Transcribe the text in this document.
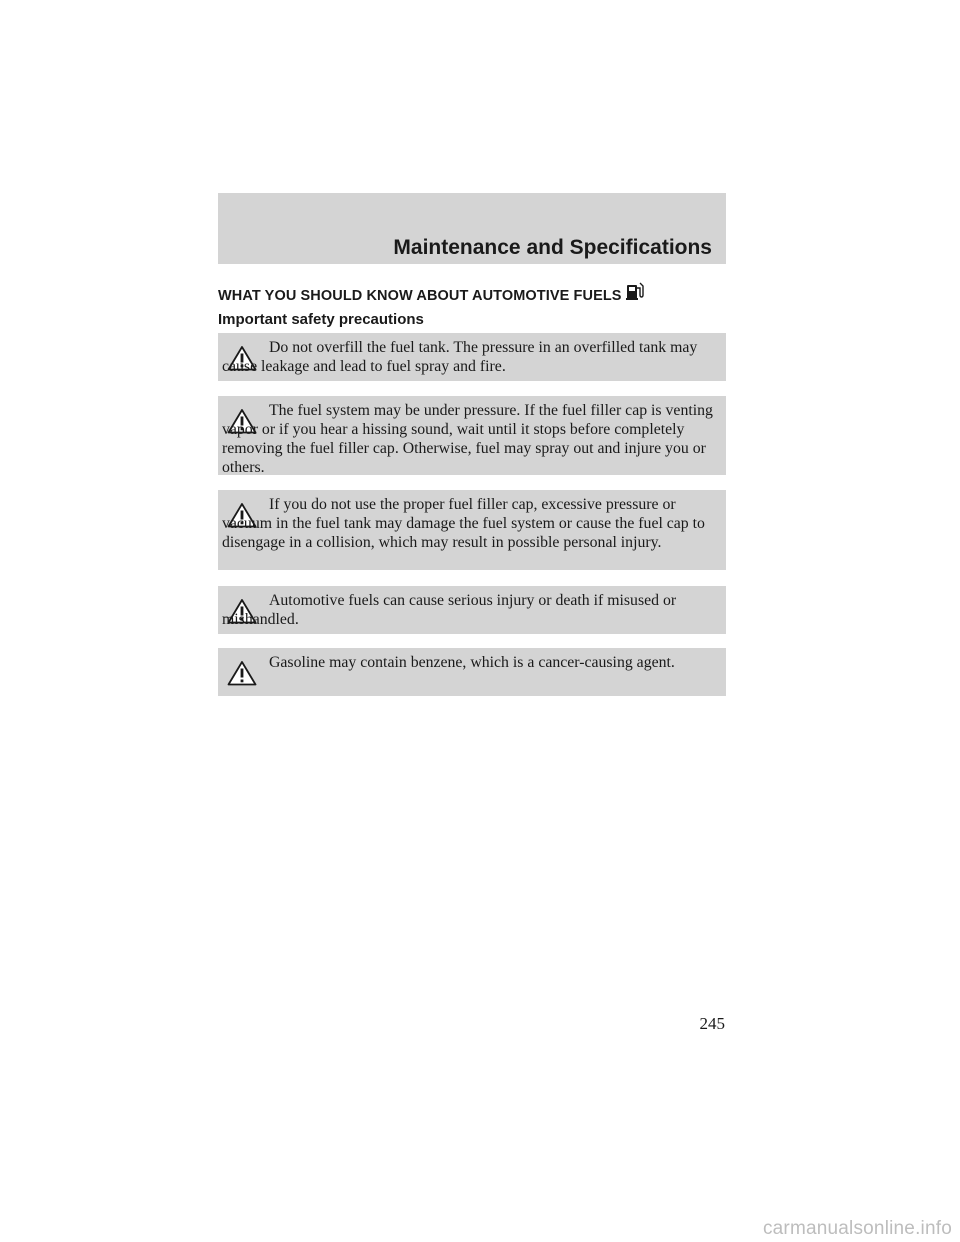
Maintenance and Specifications
WHAT YOU SHOULD KNOW ABOUT AUTOMOTIVE FUELS
Important safety precautions

Do not overfill the fuel tank. The pressure in an overfilled tank may cause leakage and lead to fuel spray and fire.

The fuel system may be under pressure. If the fuel filler cap is venting vapor or if you hear a hissing sound, wait until it stops before completely removing the fuel filler cap. Otherwise, fuel may spray out and injure you or others.

If you do not use the proper fuel filler cap, excessive pressure or vacuum in the fuel tank may damage the fuel system or cause the fuel cap to disengage in a collision, which may result in possible personal injury.

Automotive fuels can cause serious injury or death if misused or mishandled.

Gasoline may contain benzene, which is a cancer-causing agent.

245
carmanualsonline.info
